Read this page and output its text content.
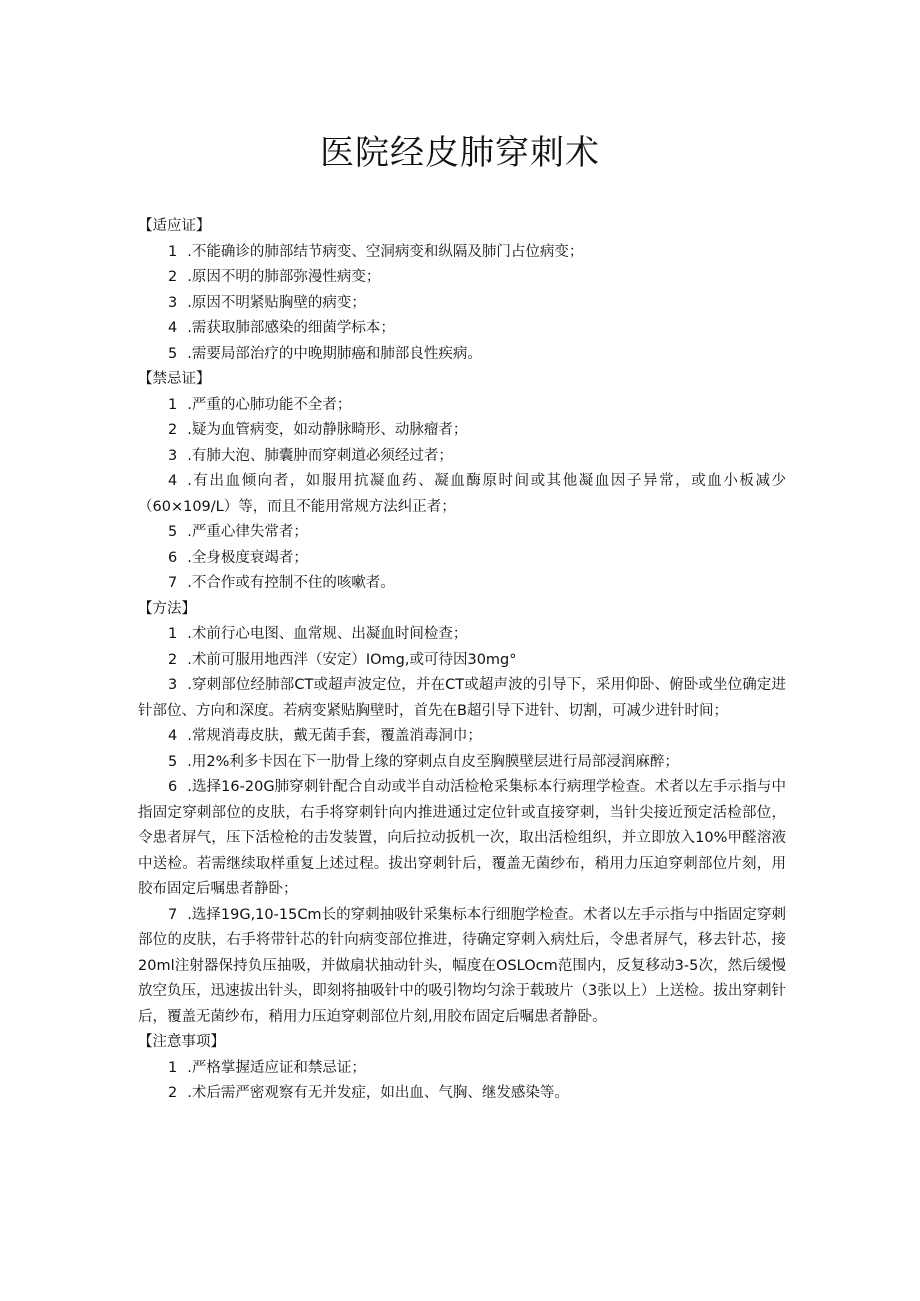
医院经皮肺穿刺术

【适应证】

1 .不能确诊的肺部结节病变、空洞病变和纵隔及肺门占位病变；

2 .原因不明的肺部弥漫性病变；

3 .原因不明紧贴胸壁的病变；

4 .需获取肺部感染的细菌学标本；

5 .需要局部治疗的中晚期肺癌和肺部良性疾病。

【禁忌证】

1 .严重的心肺功能不全者；

2 .疑为血管病变，如动静脉畸形、动脉瘤者；

3 .有肺大泡、肺囊肿而穿刺道必须经过者；

4 .有出血倾向者，如服用抗凝血药、凝血酶原时间或其他凝血因子异常，或血小板减少（60×109/L）等，而且不能用常规方法纠正者；

5 .严重心律失常者；

6 .全身极度衰竭者；

7 .不合作或有控制不住的咳嗽者。

【方法】

1 .术前行心电图、血常规、出凝血时间检查；

2 .术前可服用地西泮（安定）IOmg,或可待因30mg°

3 .穿刺部位经肺部CT或超声波定位，并在CT或超声波的引导下，采用仰卧、俯卧或坐位确定进针部位、方向和深度。若病变紧贴胸壁时，首先在B超引导下进针、切割，可减少进针时间；

4 .常规消毒皮肤，戴无菌手套，覆盖消毒洞巾；

5 .用2%利多卡因在下一肋骨上缘的穿刺点自皮至胸膜壁层进行局部浸润麻醉；

6 .选择16-20G肺穿刺针配合自动或半自动活检枪采集标本行病理学检查。术者以左手示指与中指固定穿刺部位的皮肤，右手将穿刺针向内推进通过定位针或直接穿刺，当针尖接近预定活检部位，令患者屏气，压下活检枪的击发装置，向后拉动扳机一次，取出活检组织，并立即放入10%甲醛溶液中送检。若需继续取样重复上述过程。拔出穿刺针后，覆盖无菌纱布，稍用力压迫穿刺部位片刻，用胶布固定后嘱患者静卧；

7 .选择19G,10-15Cm长的穿刺抽吸针采集标本行细胞学检查。术者以左手示指与中指固定穿刺部位的皮肤，右手将带针芯的针向病变部位推进，待确定穿刺入病灶后，令患者屏气，移去针芯，接20ml注射器保持负压抽吸，并做扇状抽动针头，幅度在OSLOcm范围内，反复移动3-5次，然后缓慢放空负压，迅速拔出针头，即刻将抽吸针中的吸引物均匀涂于载玻片（3张以上）上送检。拔出穿刺针后，覆盖无菌纱布，稍用力压迫穿刺部位片刻,用胶布固定后嘱患者静卧。

【注意事项】

1 .严格掌握适应证和禁忌证；

2 .术后需严密观察有无并发症，如出血、气胸、继发感染等。
